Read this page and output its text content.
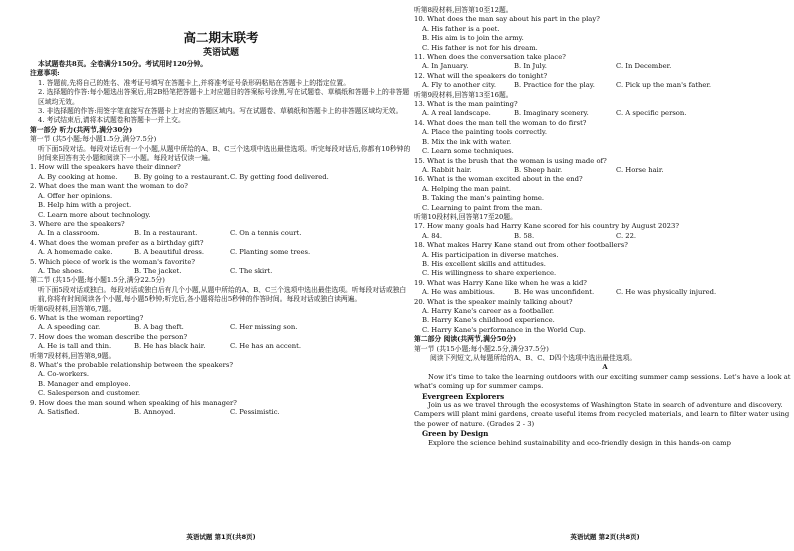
高二期末联考
英语试题
本试题卷共8页。全卷满分150分。考试用时120分钟。
注意事项:
1. 答题前,先将自己的姓名、准考证号填写在答题卡上,并将准考证号条形码粘贴在答题卡上的指定位置。
2. 选择题的作答:每小题选出答案后,用2B铅笔把答题卡上对应题目的答案标号涂黑,写在试题卷、草稿纸和答题卡上的非答题区域均无效。
3. 非选择题的作答:用签字笔直接写在答题卡上对应的答题区域内。写在试题卷、草稿纸和答题卡上的非答题区域均无效。
4. 考试结束后,请将本试题卷和答题卡一并上交。
第一部分 听力(共两节,满分30分)
第一节 (共5小题;每小题1.5分,满分7.5分)
听下面5段对话。每段对话后有一个小题,从题中所给的A、B、C三个选项中选出最佳选项。听完每段对话后,你都有10秒钟的时间来回答有关小题和阅读下一小题。每段对话仅读一遍。
1. How will the speakers have their dinner?
A. By cooking at home.	B. By going to a restaurant. C. By getting food delivered.
2. What does the man want the woman to do?
A. Offer her opinions.
B. Help him with a project.
C. Learn more about technology.
3. Where are the speakers?
A. In a classroom.	B. In a restaurant.	C. On a tennis court.
4. What does the woman prefer as a birthday gift?
A. A homemade cake.	B. A beautiful dress.	C. Planting some trees.
5. Which piece of work is the woman's favorite?
A. The shoes.	B. The jacket.	C. The skirt.
第二节 (共15小题;每小题1.5分,满分22.5分)
听下面5段对话或独白。每段对话或独白后有几个小题,从题中所给的A、B、C三个选项中选出最佳选项。听每段对话或独白前,你将有时间阅读各个小题,每小题5秒钟;听完后,各小题将给出5秒钟的作答时间。每段对话或独白读两遍。
听第6段材料,回答第6,7题。
6. What is the woman reporting?
A. A speeding car.	B. A bag theft.	C. Her missing son.
7. How does the woman describe the person?
A. He is tall and thin.	B. He has black hair.	C. He has an accent.
听第7段材料,回答第8,9题。
8. What's the probable relationship between the speakers?
A. Co-workers.
B. Manager and employee.
C. Salesperson and customer.
9. How does the man sound when speaking of his manager?
A. Satisfied.	B. Annoyed.	C. Pessimistic.
英语试题 第1页(共8页)
听第8段材料,回答第10至12题。
10. What does the man say about his part in the play?
A. His father is a poet.
B. His aim is to join the army.
C. His father is not for his dream.
11. When does the conversation take place?
A. In January.	B. In July.	C. In December.
12. What will the speakers do tonight?
A. Fly to another city.	B. Practice for the play.	C. Pick up the man's father.
听第9段材料,回答第13至16题。
13. What is the man painting?
A. A real landscape.	B. Imaginary scenery.	C. A specific person.
14. What does the man tell the woman to do first?
A. Place the painting tools correctly.
B. Mix the ink with water.
C. Learn some techniques.
15. What is the brush that the woman is using made of?
A. Rabbit hair.	B. Sheep hair.	C. Horse hair.
16. What is the woman excited about in the end?
A. Helping the man paint.
B. Taking the man's painting home.
C. Learning to paint from the man.
听第10段材料,回答第17至20题。
17. How many goals had Harry Kane scored for his country by August 2023?
A. 84.	B. 58.	C. 22.
18. What makes Harry Kane stand out from other footballers?
A. His participation in diverse matches.
B. His excellent skills and attitudes.
C. His willingness to share experience.
19. What was Harry Kane like when he was a kid?
A. He was ambitious.	B. He was unconfident.	C. He was physically injured.
20. What is the speaker mainly talking about?
A. Harry Kane's career as a footballer.
B. Harry Kane's childhood experience.
C. Harry Kane's performance in the World Cup.
第二部分 阅读(共两节,满分50分)
第一节 (共15小题;每小题2.5分,满分37.5分)
阅读下列短文,从每题所给的A、B、C、D四个选项中选出最佳选项。
A
Now it's time to take the learning outdoors with our exciting summer camp sessions. Let's have a look at what's coming up for summer camps.
Evergreen Explorers
Join us as we travel through the ecosystems of Washington State in search of adventure and discovery. Campers will plant mini gardens, create useful items from recycled materials, and learn to filter water using the power of nature. (Grades 2 - 3)
Green by Design
Explore the science behind sustainability and eco-friendly design in this hands-on camp
英语试题 第2页(共8页)
